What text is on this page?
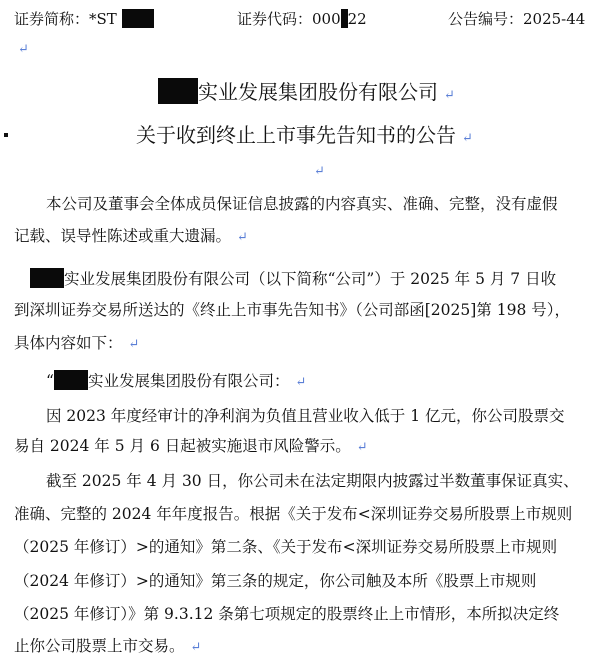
证券简称：*ST	证券代码：000 22	公告编号：2025-44
↵
实业发展集团股份有限公司 ↵
关于收到终止上市事先告知书的公告 ↵
↵
本公司及董事会全体成员保证信息披露的内容真实、准确、完整，没有虚假
记载、误导性陈述或重大遗漏。 ↵
实业发展集团股份有限公司（以下简称“公司”）于 2025 年 5 月 7 日收
到深圳证券交易所送达的《终止上市事先告知书》（公司部函[2025]第 198 号），
具体内容如下： ↵
“ 实业发展集团股份有限公司： ↵
因 2023 年度经审计的净利润为负值且营业收入低于 1 亿元，你公司股票交
易自 2024 年 5 月 6 日起被实施退市风险警示。 ↵
截至 2025 年 4 月 30 日，你公司未在法定期限内披露过半数董事保证真实、
准确、完整的 2024 年年度报告。根据《关于发布<深圳证券交易所股票上市规则
（2025 年修订）>的通知》第二条、《关于发布<深圳证券交易所股票上市规则
（2024 年修订）>的通知》第三条的规定，你公司触及本所《股票上市规则
（2025 年修订）》第 9.3.12 条第七项规定的股票终止上市情形，本所拟决定终
止你公司股票上市交易。 ↵
